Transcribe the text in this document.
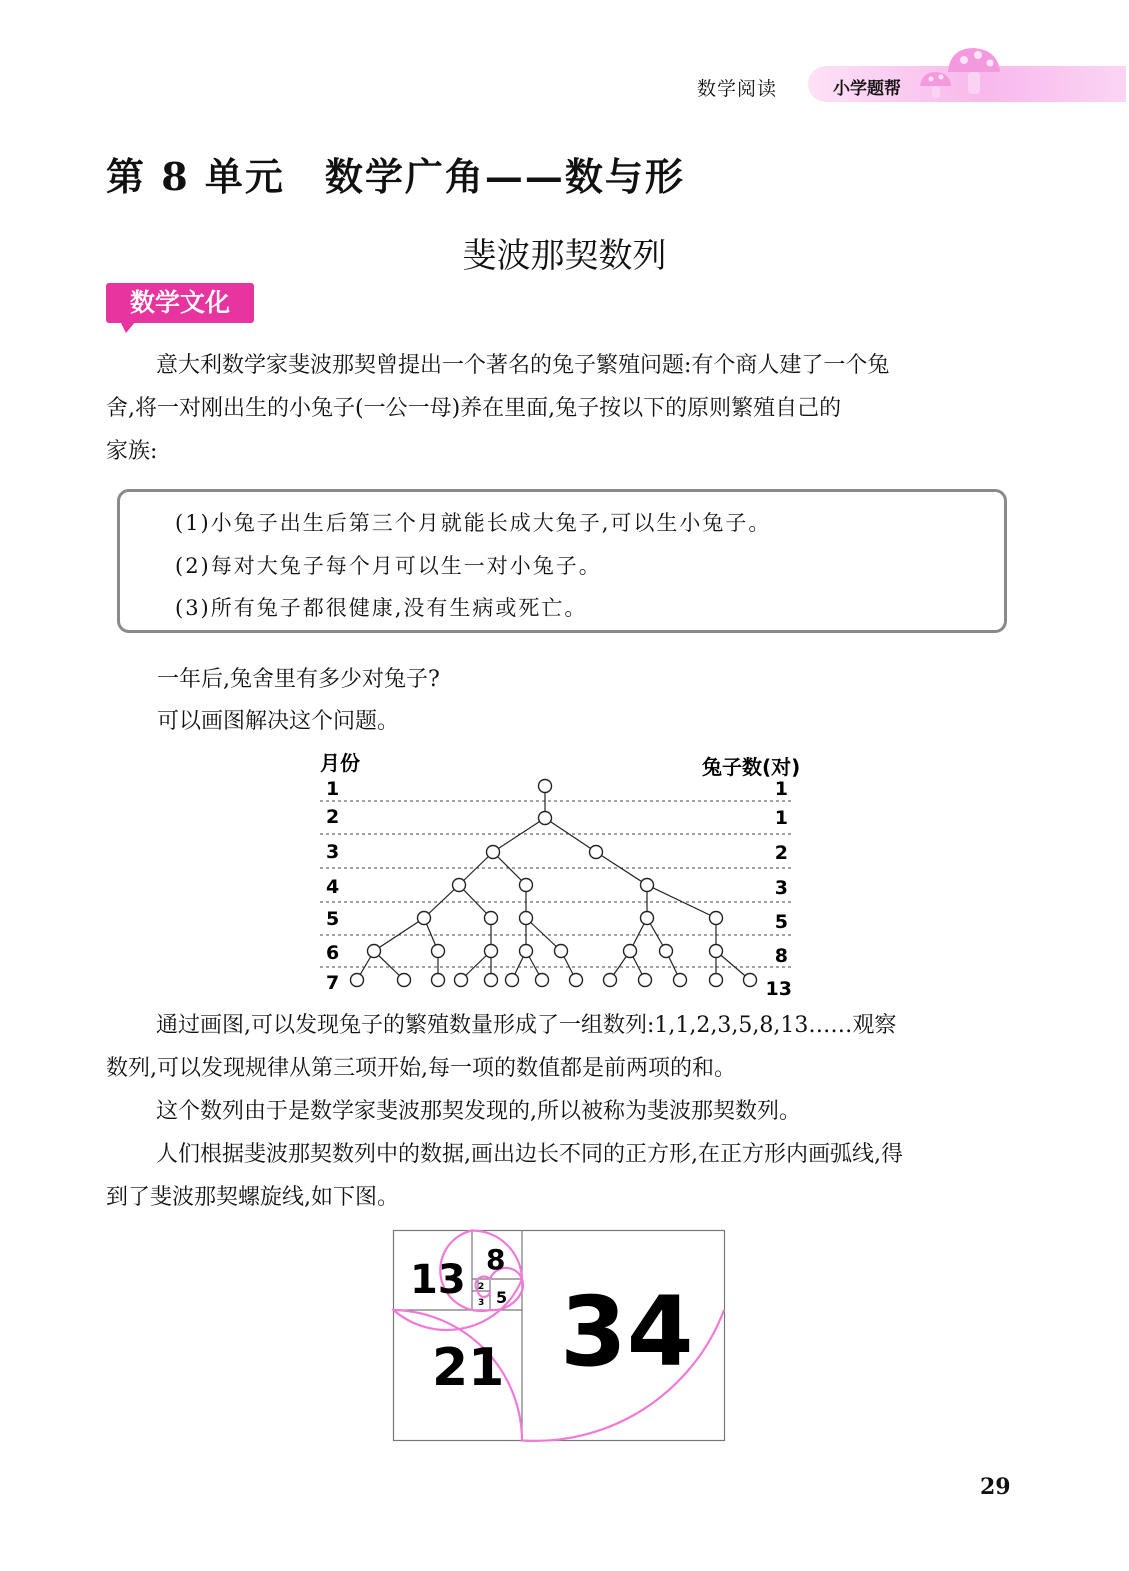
数学阅读	小学题帮
第 8 单元　数学广角——数与形
斐波那契数列
数学文化
意大利数学家斐波那契曾提出一个著名的兔子繁殖问题:有个商人建了一个兔
舍,将一对刚出生的小兔子(一公一母)养在里面,兔子按以下的原则繁殖自己的
家族:
(1)小兔子出生后第三个月就能长成大兔子,可以生小兔子。
(2)每对大兔子每个月可以生一对小兔子。
(3)所有兔子都很健康,没有生病或死亡。
一年后,兔舍里有多少对兔子?
可以画图解决这个问题。
月份	兔子数(对)
1
2
3
4
5
6
7
1
1
2
3
5
8
13
通过画图,可以发现兔子的繁殖数量形成了一组数列:1,1,2,3,5,8,13……观察
数列,可以发现规律从第三项开始,每一项的数值都是前两项的和。
这个数列由于是数学家斐波那契发现的,所以被称为斐波那契数列。
人们根据斐波那契数列中的数据,画出边长不同的正方形,在正方形内画弧线,得
到了斐波那契螺旋线,如下图。
13 8
5
2
3
21 34
29
